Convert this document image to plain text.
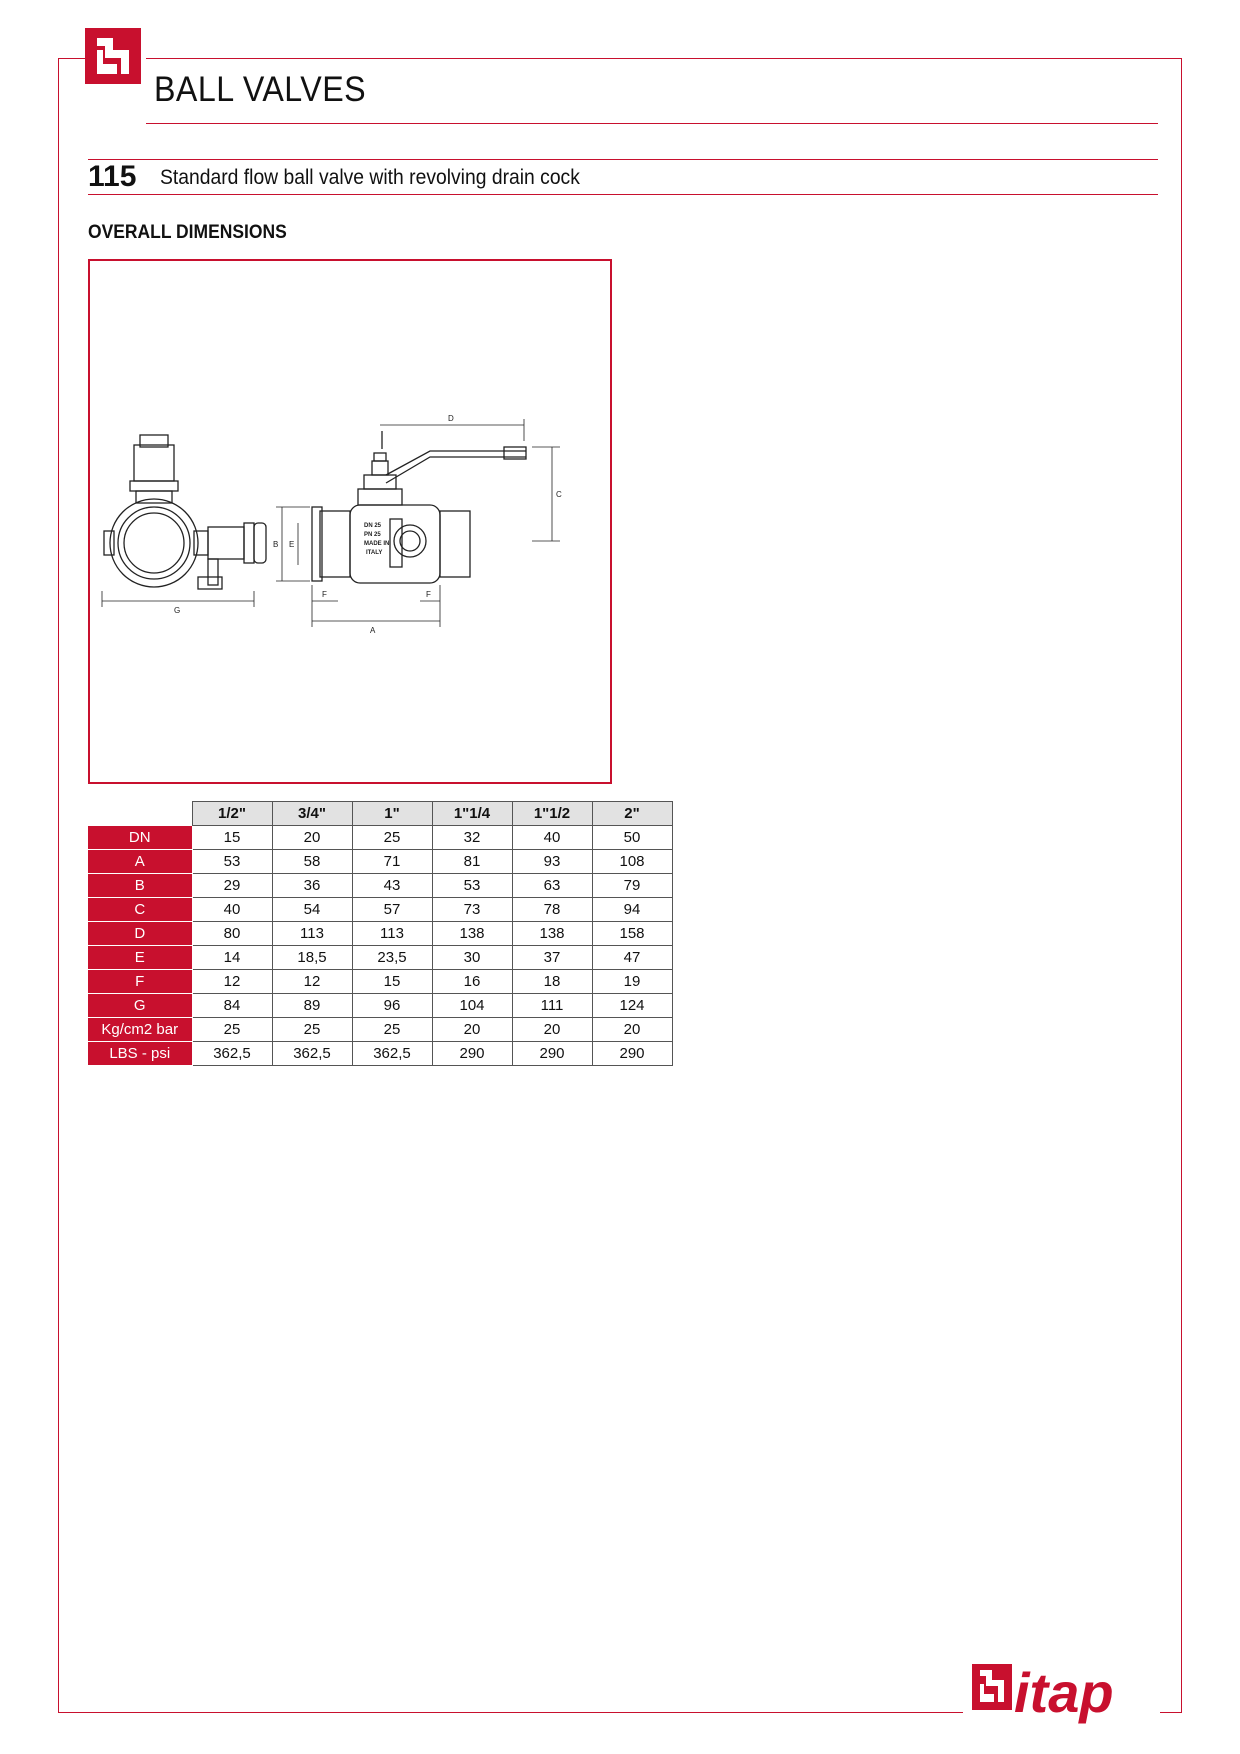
BALL VALVES
115 Standard flow ball valve with revolving drain cock
OVERALL DIMENSIONS
G
A
F	F
B E
D
C
DN 25
PN 25
MADE IN
ITALY
	1/2"	3/4"	1"	1"1/4	1"1/2	2"
DN	15	20	25	32	40	50
A	53	58	71	81	93	108
B	29	36	43	53	63	79
C	40	54	57	73	78	94
D	80	113	113	138	138	158
E	14	18,5	23,5	30	37	47
F	12	12	15	16	18	19
G	84	89	96	104	111	124
Kg/cm2 bar	25	25	25	20	20	20
LBS - psi	362,5	362,5	362,5	290	290	290
itap
